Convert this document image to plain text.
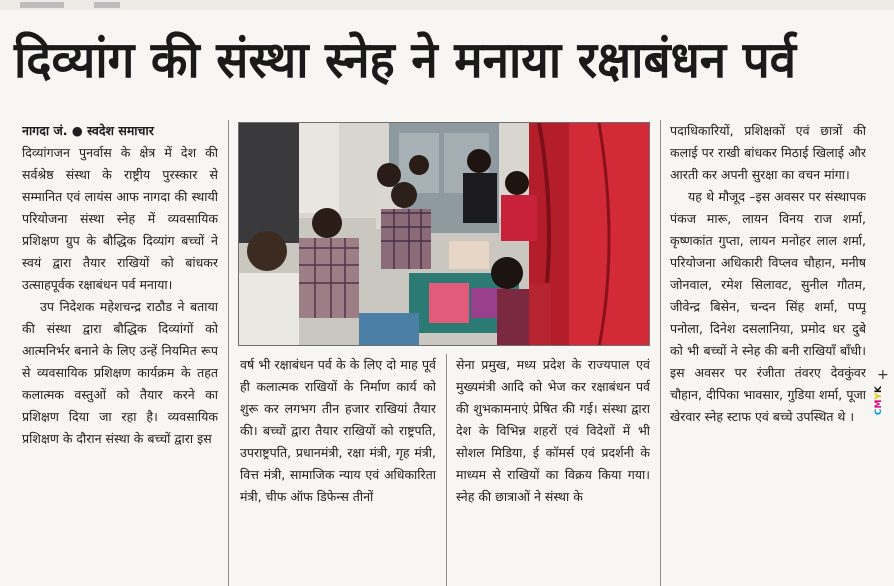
दिव्यांग की संस्था स्नेह ने मनाया रक्षाबंधन पर्व

नागदा जं. ● स्वदेश समाचार

दिव्यांगजन पुनर्वास के क्षेत्र में देश की सर्वश्रेष्ठ संस्था के राष्ट्रीय पुरस्कार से सम्मानित एवं लायंस आफ नागदा की स्थायी परियोजना संस्था स्नेह में व्यवसायिक प्रशिक्षण ग्रुप के बौद्धिक दिव्यांग बच्चों ने स्वयं द्वारा तैयार राखियों को बांधकर उत्साहपूर्वक रक्षाबंधन पर्व मनाया।

उप निदेशक महेशचन्द्र राठौड ने बताया की संस्था द्वारा बौद्धिक दिव्यांगों को आत्मनिर्भर बनाने के लिए उन्हें नियमित रूप से व्यवसायिक प्रशिक्षण कार्यक्रम के तहत कलात्मक वस्तुओं को तैयार करने का प्रशिक्षण दिया जा रहा है। व्यवसायिक प्रशिक्षण के दौरान संस्था के बच्चों द्वारा इस

वर्ष भी रक्षाबंधन पर्व के के लिए दो माह पूर्व ही कलात्मक राखियों के निर्माण कार्य को शुरू कर लगभग तीन हजार राखियां तैयार की। बच्चों द्वारा तैयार राखियों को राष्ट्रपति, उपराष्ट्रपति, प्रधानमंत्री, रक्षा मंत्री, गृह मंत्री, वित्त मंत्री, सामाजिक न्याय एवं अधिकारिता मंत्री, चीफ ऑफ डिफेन्स तीनों

सेना प्रमुख, मध्य प्रदेश के राज्यपाल एवं मुख्यमंत्री आदि को भेज कर रक्षाबंधन पर्व की शुभकामनाएं प्रेषित की गई। संस्था द्वारा देश के विभिन्न शहरों एवं विदेशों में भी सोशल मिडिया, ई कॉमर्स एवं प्रदर्शनी के माध्यम से राखियों का विक्रय किया गया। स्नेह की छात्राओं ने संस्था के

पदाधिकारियों, प्रशिक्षकों एवं छात्रों की कलाई पर राखी बांधकर मिठाई खिलाई और आरती कर अपनी सुरक्षा का वचन मांगा।

यह थे मौजूद –इस अवसर पर संस्थापक पंकज मारू, लायन विनय राज शर्मा, कृष्णकांत गुप्ता, लायन मनोहर लाल शर्मा, परियोजना अधिकारी विप्लव चौहान, मनीष जोनवाल, रमेश सिलावट, सुनील गौतम, जीवेन्द्र बिसेन, चन्दन सिंह शर्मा, पप्पू पनोला, दिनेश दसलानिया, प्रमोद धर दुबे को भी बच्चों ने स्नेह की बनी राखियाँ बाँधी। इस अवसर पर रंजीता तंवरए देवकुंवर चौहान, दीपिका भावसार, गुडिया शर्मा, पूजा खेरवार स्नेह स्टाफ एवं बच्चे उपस्थित थे ।

+
CMYK
